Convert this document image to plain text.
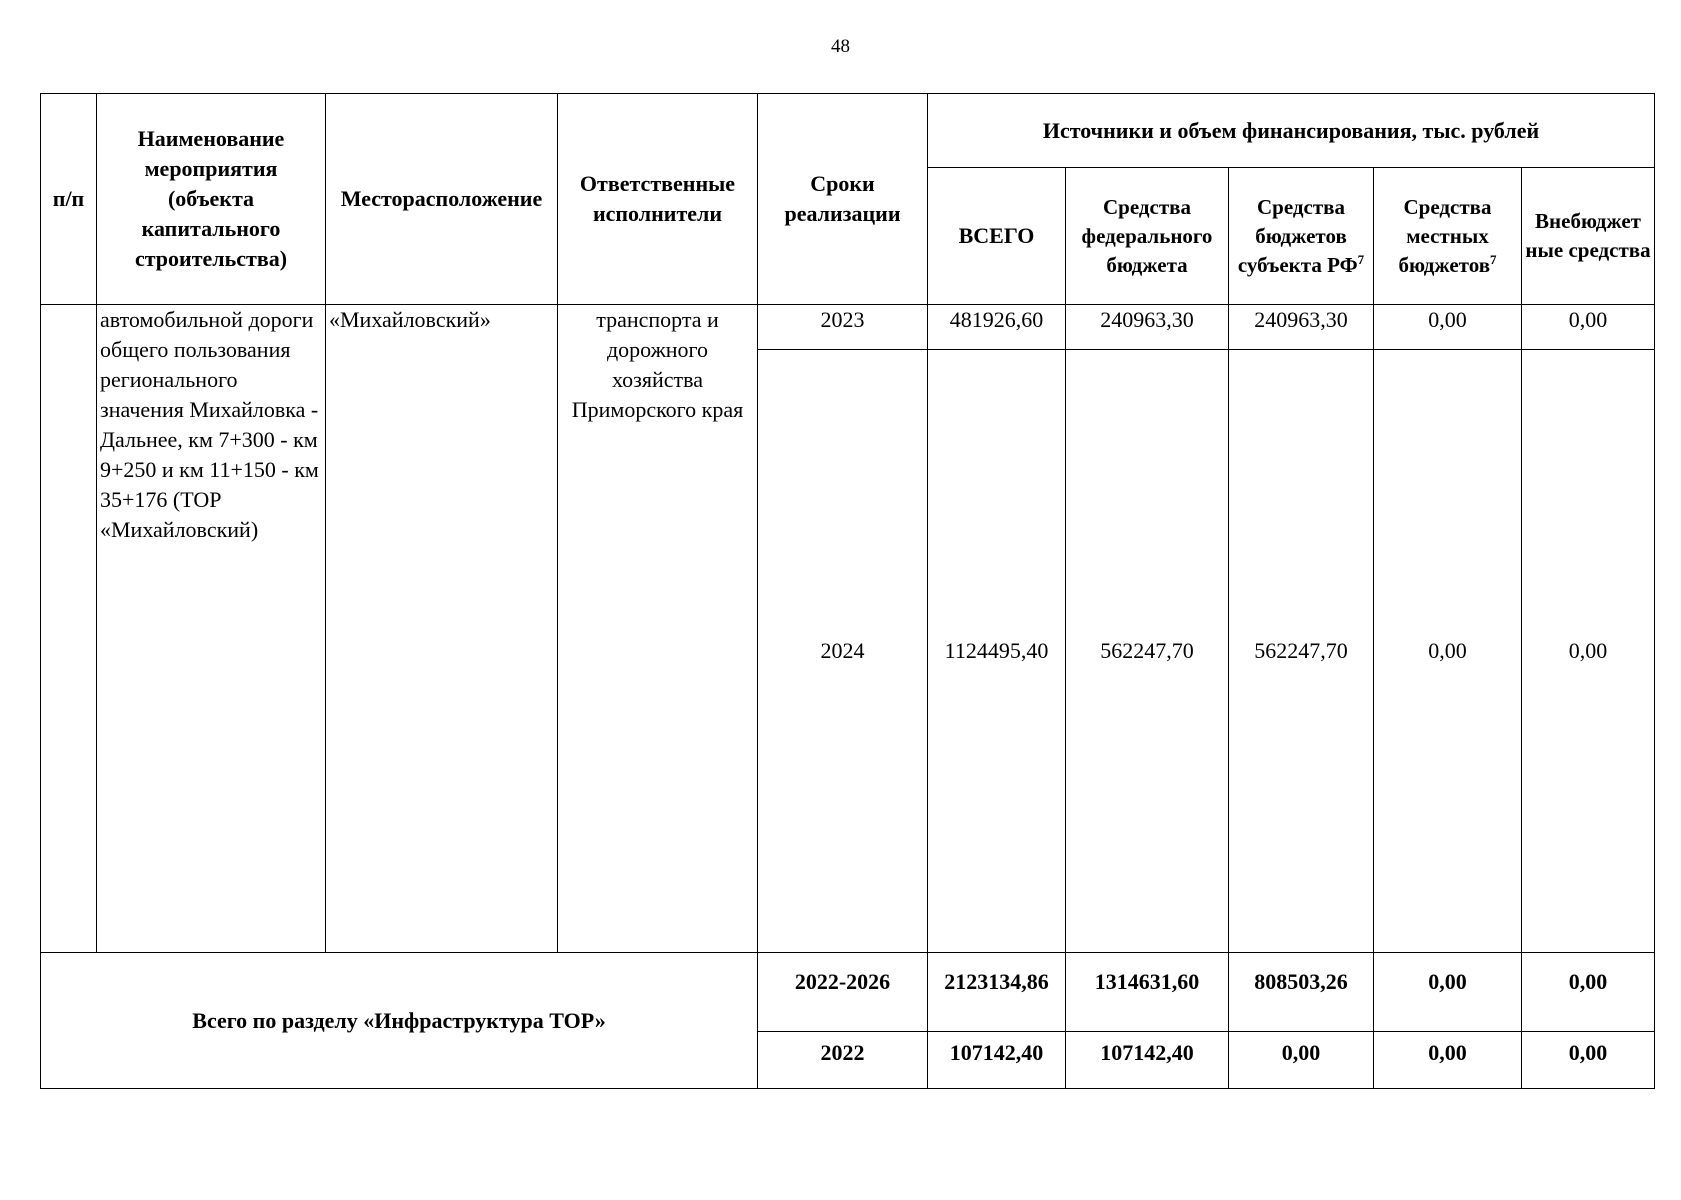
48
п/п	Наименование мероприятия (объекта капитального строительства)	Месторасположение	Ответственные исполнители	Сроки реализации	Источники и объем финансирования, тыс. рублей				
					ВСЕГО	Средства федерального бюджета	Средства бюджетов субъекта $РФ^7$	Средства местных бюджетов$^7$	Внебюджет ные средства
	автомобильной дороги общего пользования регионального значения Михайловка - Дальнее, км 7+300 - км 9+250 и км 11+150 - км 35+176 (ТОР «Михайловский)	«Михайловский»	транспорта и дорожного хозяйства Приморского края	2023	481926,60	240963,30	240963,30	0,00	0,00
				2024	1124495,40	562247,70	562247,70	0,00	0,00
Всего по разделу «Инфраструктура ТОР»				2022-2026	2123134,86	1314631,60	808503,26	0,00	0,00
				2022	107142,40	107142,40	0,00	0,00	0,00
